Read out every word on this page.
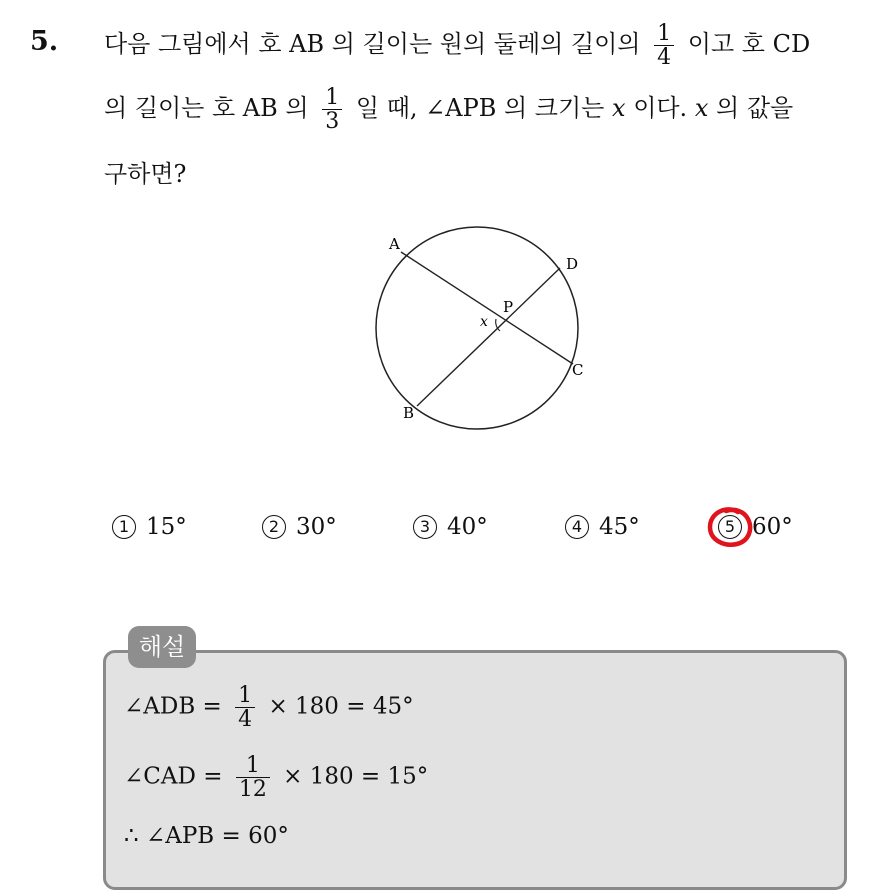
5. 다음 그림에서 호 AB 의 길이는 원의 둘레의 길이의 $\frac{1}{4}$ 이고 호 CD
의 길이는 호 AB 의 $\frac{1}{3}$ 일 때, ∠APB 의 크기는 x 이다. x 의 값을
구하면?
A
D
P
x
C
B
1 15°	2 30°	3 40°	4 45°	5 60°
해설
∠ADB = $\frac{1}{4} \times 180 = 45^\circ$
∠CAD = $\frac{1}{12} \times 180 = 15^\circ$
∴ ∠APB = 60°
